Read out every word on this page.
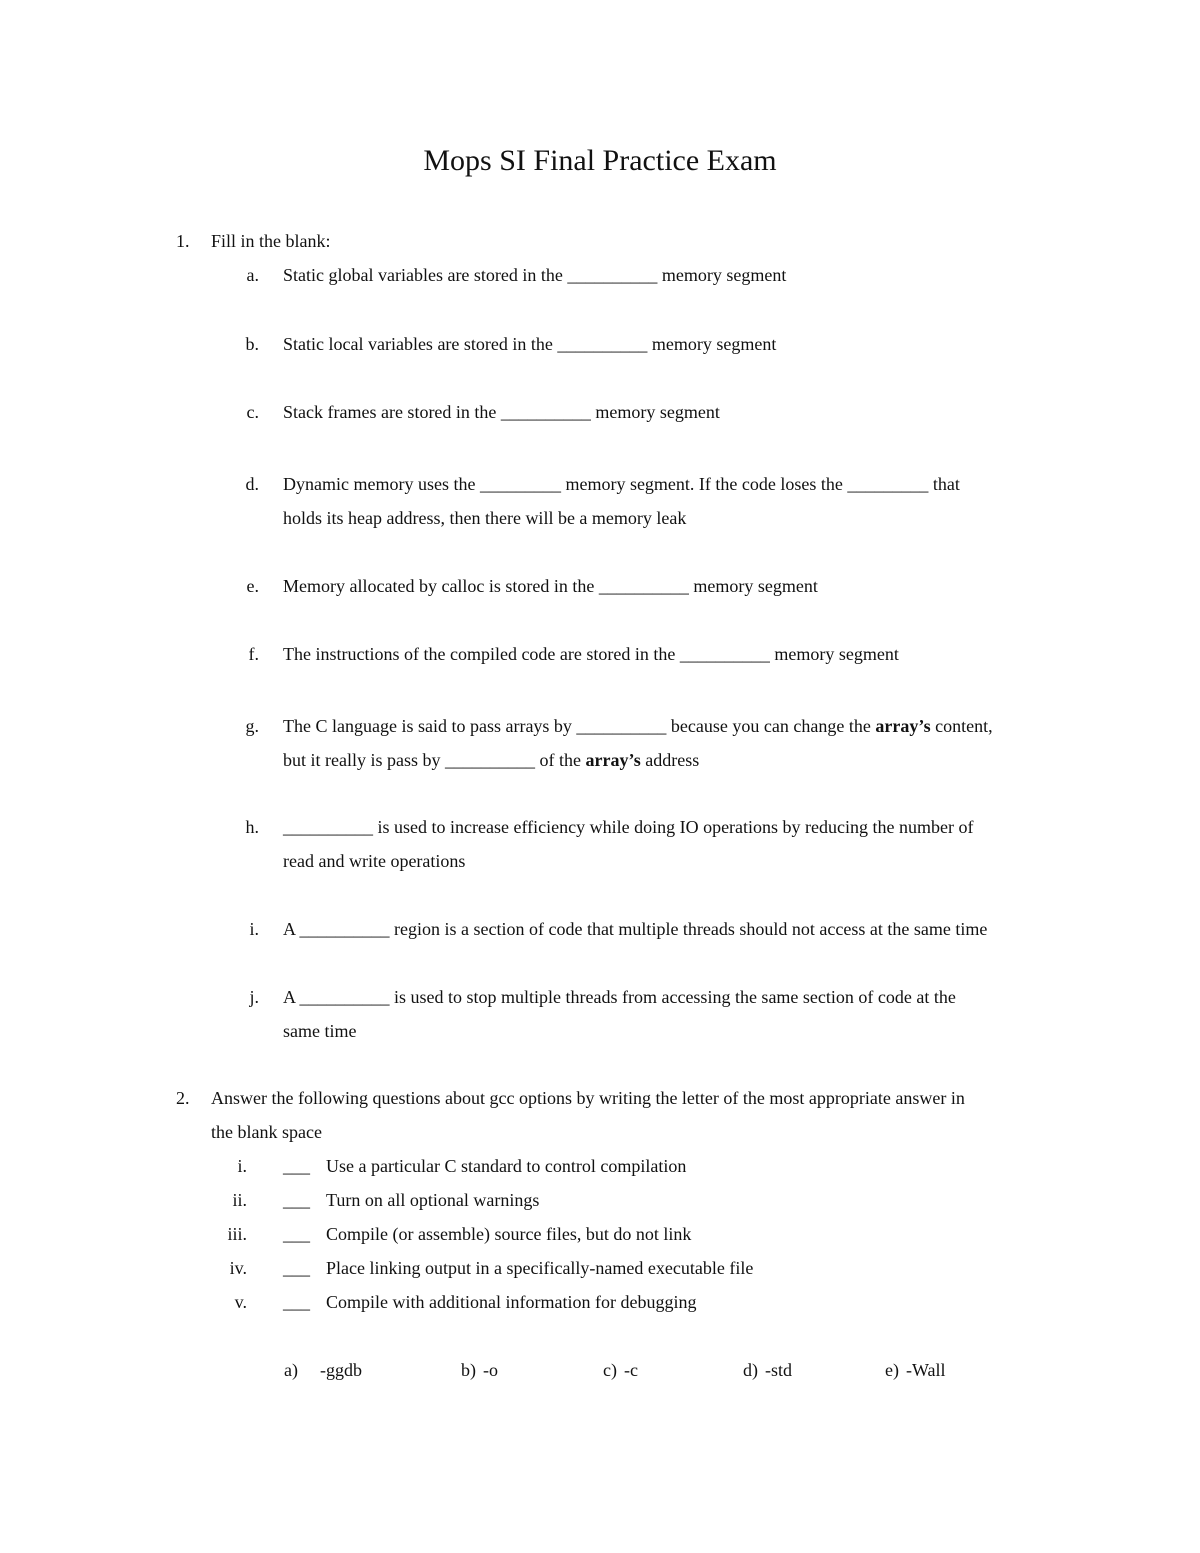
Mops SI Final Practice Exam
1. Fill in the blank:
a. Static global variables are stored in the __________ memory segment
b. Static local variables are stored in the __________ memory segment
c. Stack frames are stored in the __________ memory segment
d. Dynamic memory uses the _________ memory segment. If the code loses the _________ that
holds its heap address, then there will be a memory leak
e. Memory allocated by calloc is stored in the __________ memory segment
f. The instructions of the compiled code are stored in the __________ memory segment
g. The C language is said to pass arrays by __________ because you can change the array’s content,
but it really is pass by __________ of the array’s address
h. __________ is used to increase efficiency while doing IO operations by reducing the number of
read and write operations
i. A __________ region is a section of code that multiple threads should not access at the same time
j. A __________ is used to stop multiple threads from accessing the same section of code at the
same time
2. Answer the following questions about gcc options by writing the letter of the most appropriate answer in
the blank space
i. ___ Use a particular C standard to control compilation
ii. ___ Turn on all optional warnings
iii. ___ Compile (or assemble) source files, but do not link
iv. ___ Place linking output in a specifically-named executable file
v. ___ Compile with additional information for debugging
a) -ggdb	b) -o	c) -c	d) -std	e) -Wall
